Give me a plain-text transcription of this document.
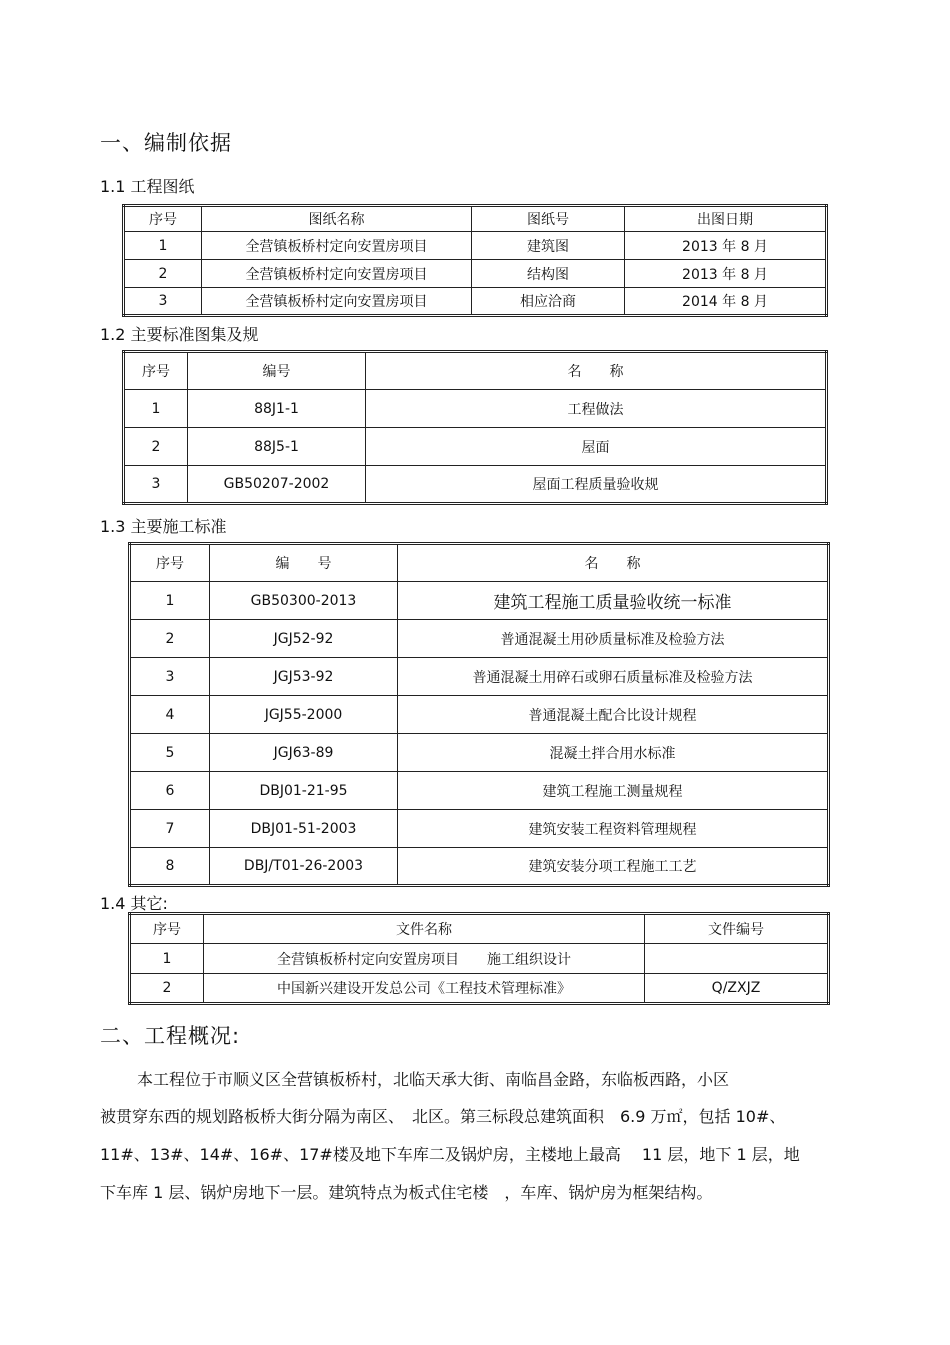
一、编制依据
1.1 工程图纸
序号	图纸名称	图纸号	出图日期
1	全营镇板桥村定向安置房项目	建筑图	2013 年 8 月
2	全营镇板桥村定向安置房项目	结构图	2013 年 8 月
3	全营镇板桥村定向安置房项目	相应洽商	2014 年 8 月
1.2 主要标准图集及规
序号	编号	名　　称
1	88J1-1	工程做法
2	88J5-1	屋面
3	GB50207-2002	屋面工程质量验收规
1.3 主要施工标准
序号	编　　号	名　　称
1	GB50300-2013	建筑工程施工质量验收统一标准
2	JGJ52-92	普通混凝土用砂质量标准及检验方法
3	JGJ53-92	普通混凝土用碎石或卵石质量标准及检验方法
4	JGJ55-2000	普通混凝土配合比设计规程
5	JGJ63-89	混凝土拌合用水标准
6	DBJ01-21-95	建筑工程施工测量规程
7	DBJ01-51-2003	建筑安装工程资料管理规程
8	DBJ/T01-26-2003	建筑安装分项工程施工工艺
1.4 其它:
序号	文件名称	文件编号
1	全营镇板桥村定向安置房项目　　施工组织设计	
2	中国新兴建设开发总公司《工程技术管理标准》	Q/ZXJZ
二、工程概况:
本工程位于市顺义区全营镇板桥村，北临天承大街、南临昌金路，东临板西路，小区
被贯穿东西的规划路板桥大街分隔为南区、　北区。第三标段总建筑面积　6.9 万㎡，包括 10#、
11#、13#、14#、16#、17#楼及地下车库二及锅炉房，主楼地上最高　 11 层，地下 1 层，地
下车库 1 层、锅炉房地下一层。建筑特点为板式住宅楼　，车库、锅炉房为框架结构。
